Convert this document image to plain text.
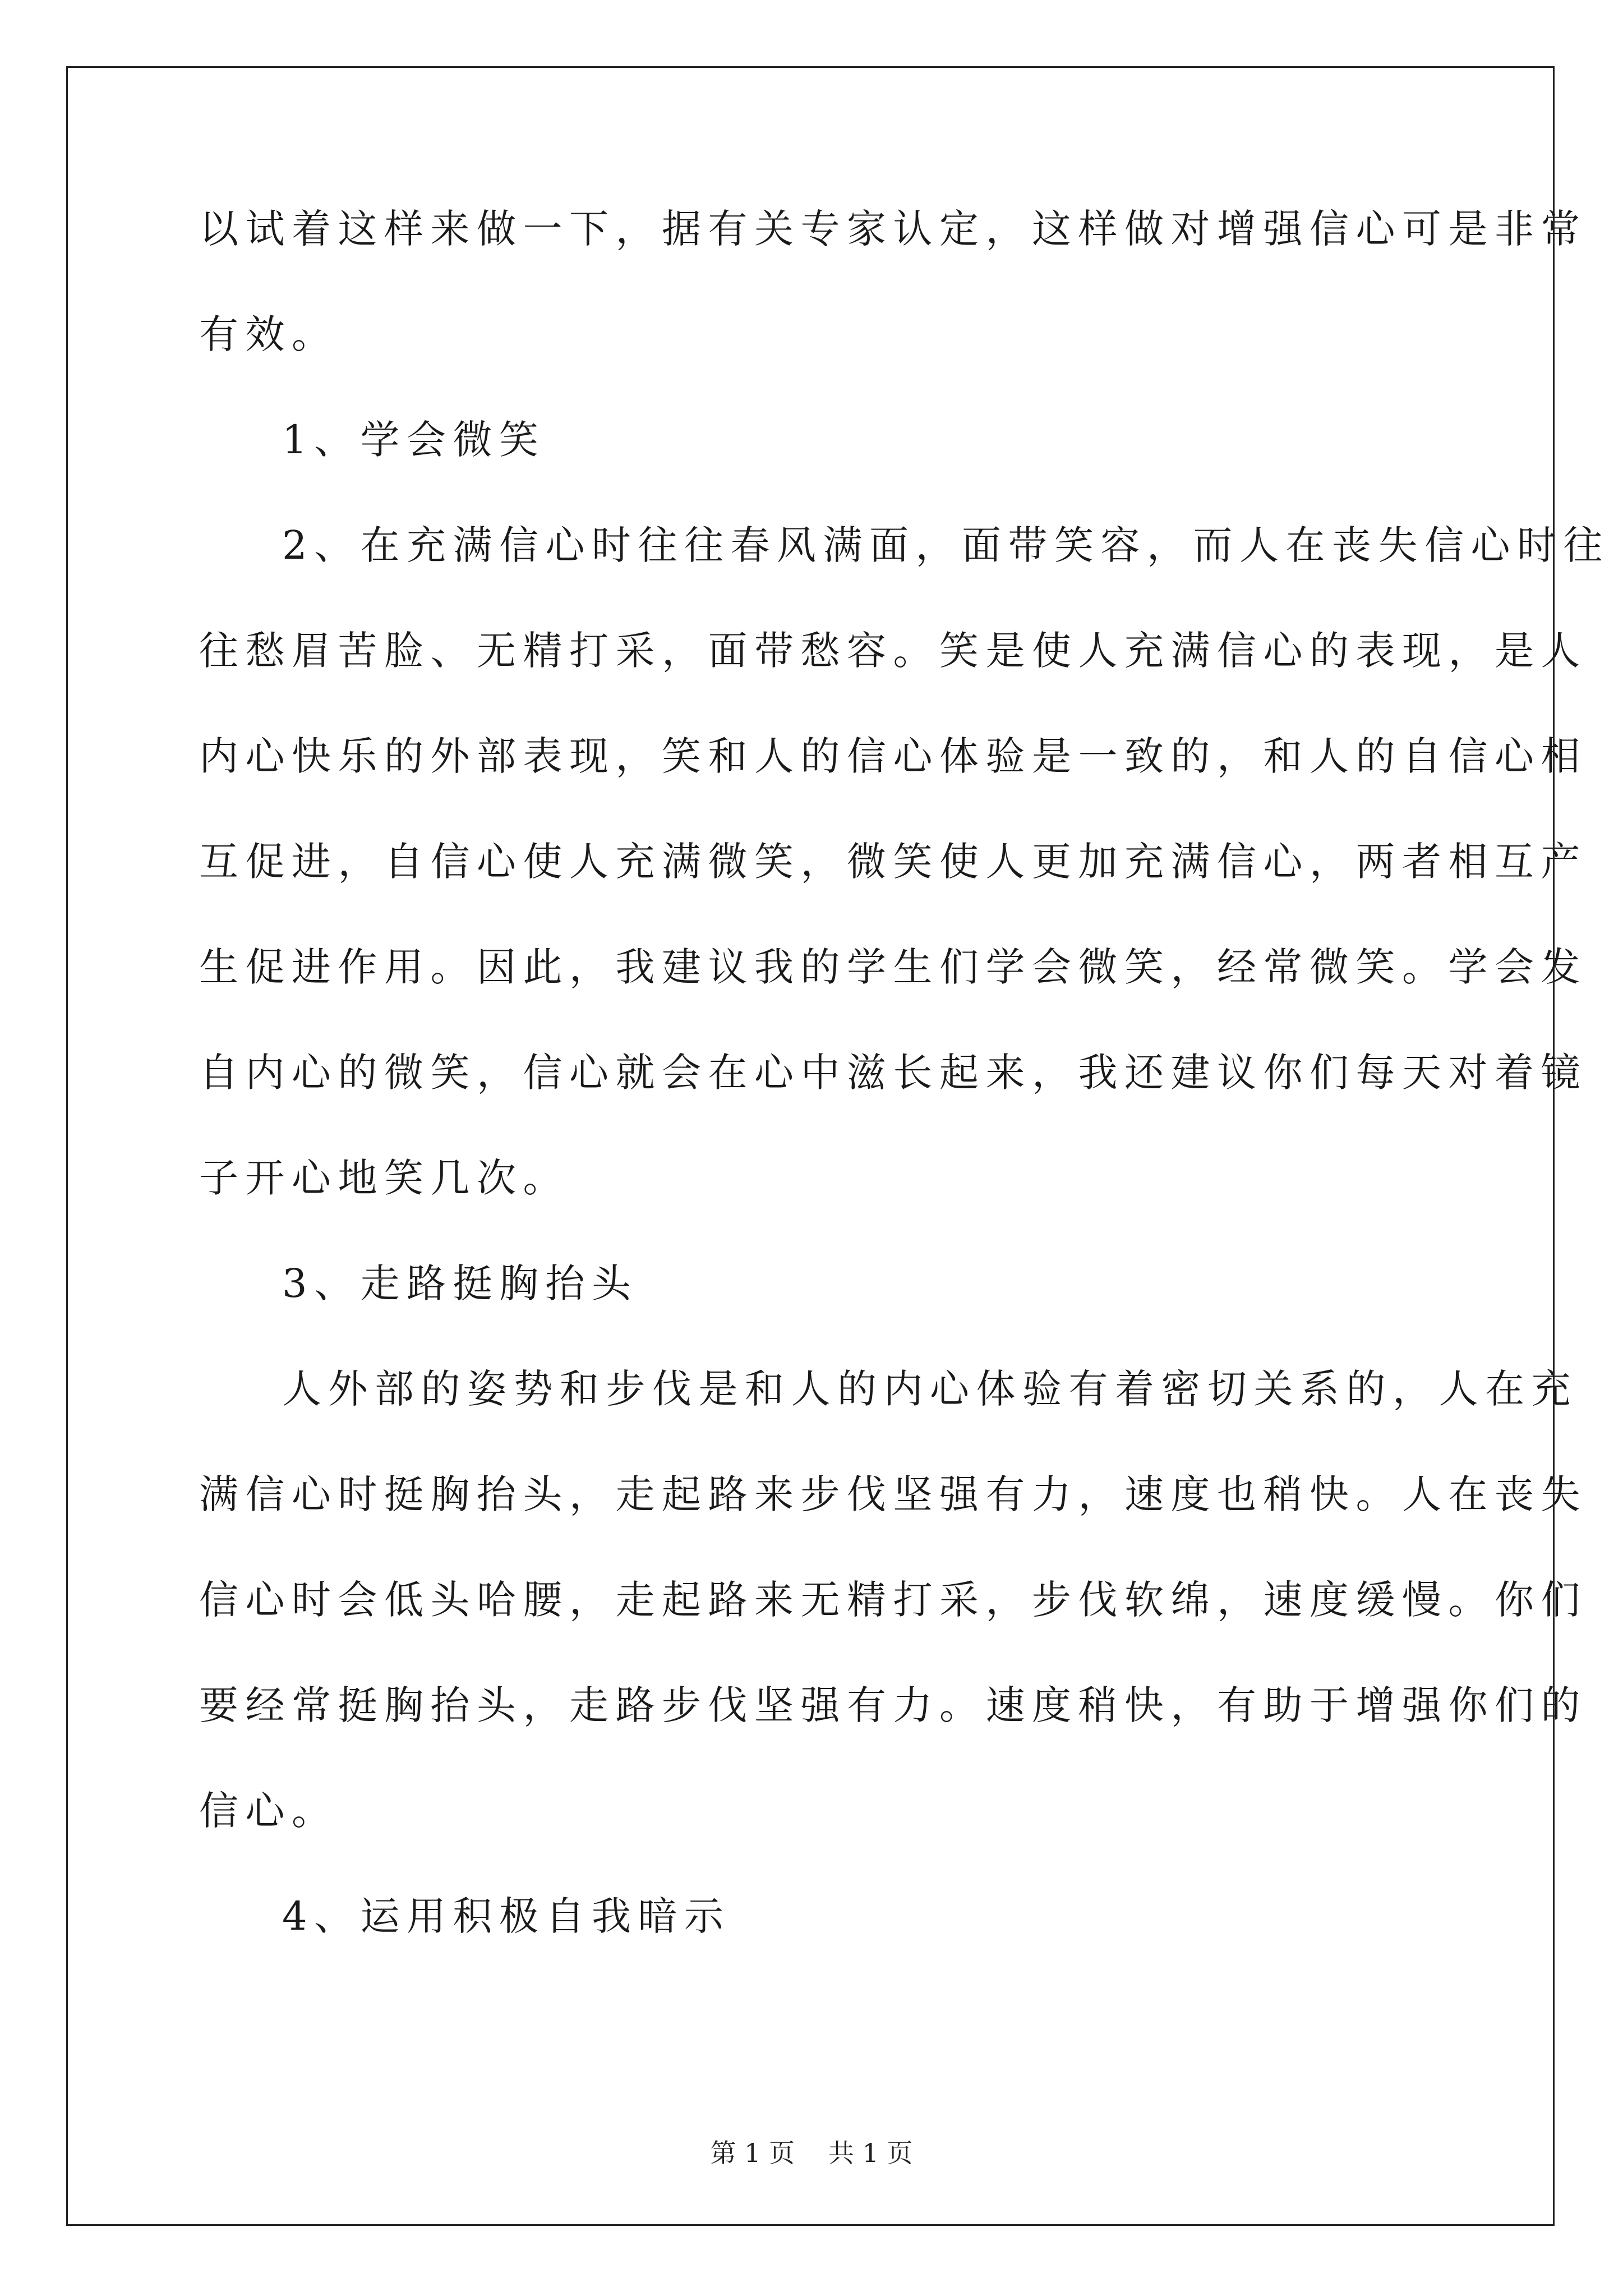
以试着这样来做一下，据有关专家认定，这样做对增强信心可是非常
有效。
1、学会微笑
2、在充满信心时往往春风满面，面带笑容，而人在丧失信心时往
往愁眉苦脸、无精打采，面带愁容。笑是使人充满信心的表现，是人
内心快乐的外部表现，笑和人的信心体验是一致的，和人的自信心相
互促进，自信心使人充满微笑，微笑使人更加充满信心，两者相互产
生促进作用。因此，我建议我的学生们学会微笑，经常微笑。学会发
自内心的微笑，信心就会在心中滋长起来，我还建议你们每天对着镜
子开心地笑几次。
3、走路挺胸抬头
人外部的姿势和步伐是和人的内心体验有着密切关系的，人在充
满信心时挺胸抬头，走起路来步伐坚强有力，速度也稍快。人在丧失
信心时会低头哈腰，走起路来无精打采，步伐软绵，速度缓慢。你们
要经常挺胸抬头，走路步伐坚强有力。速度稍快，有助于增强你们的
信心。
4、运用积极自我暗示
第 1 页 共 1 页
